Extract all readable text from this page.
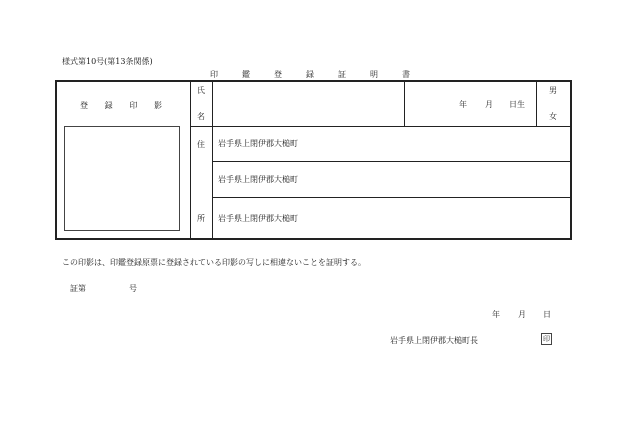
様式第10号(第13条関係)
印	鑑	登	録	証	明	書
登 録 印 影
氏
名
年 月 日生
男
女
住
所
岩手県上閉伊郡大槌町
岩手県上閉伊郡大槌町
岩手県上閉伊郡大槌町
この印影は、印鑑登録原票に登録されている印影の写しに相違ないことを証明する。
証第	号
年 月 日
岩手県上閉伊郡大槌町長	印
